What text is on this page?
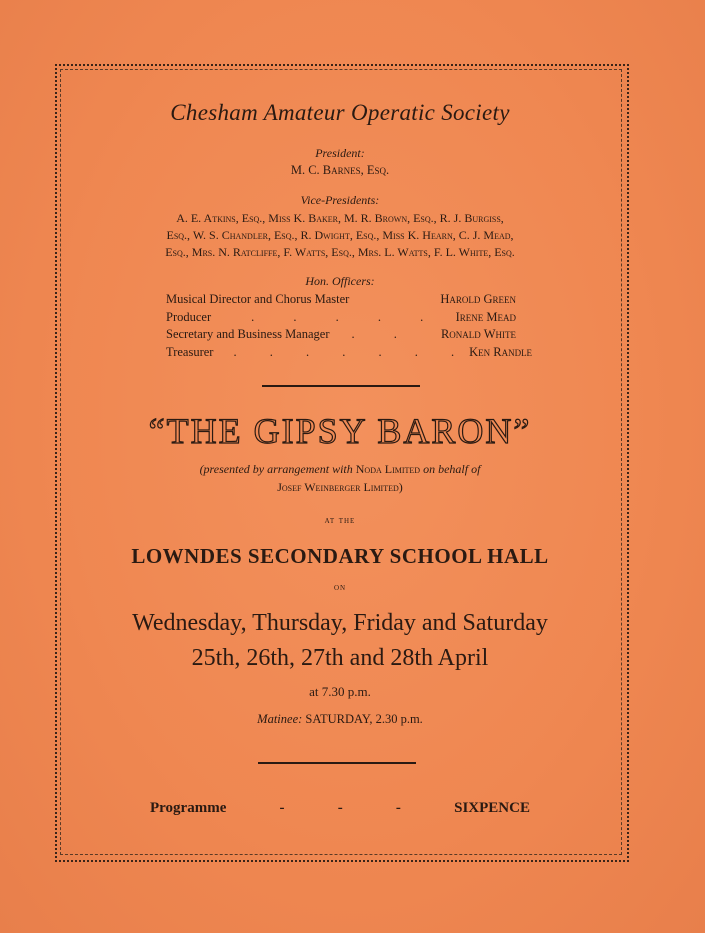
Chesham Amateur Operatic Society
President:
M. C. Barnes, Esq.
Vice-Presidents:
A. E. Atkins, Esq., Miss K. Baker, M. R. Brown, Esq., R. J. Burgiss,
Esq., W. S. Chandler, Esq., R. Dwight, Esq., Miss K. Hearn, C. J. Mead,
Esq., Mrs. N. Ratcliffe, F. Watts, Esq., Mrs. L. Watts, F. L. White, Esq.
Hon. Officers:
Musical Director and Chorus Master	Harold Green
Producer	. . . . . Irene Mead
Secretary and Business Manager . . Ronald White
Treasurer . . . . . . . Ken Randle
“THE GIPSY BARON”
(presented by arrangement with Noda Limited on behalf of
Josef Weinberger Limited)
at the
LOWNDES SECONDARY SCHOOL HALL
on
Wednesday, Thursday, Friday and Saturday
25th, 26th, 27th and 28th April
at 7.30 p.m.
Matinee: SATURDAY, 2.30 p.m.
Programme	-	-	-	SIXPENCE
